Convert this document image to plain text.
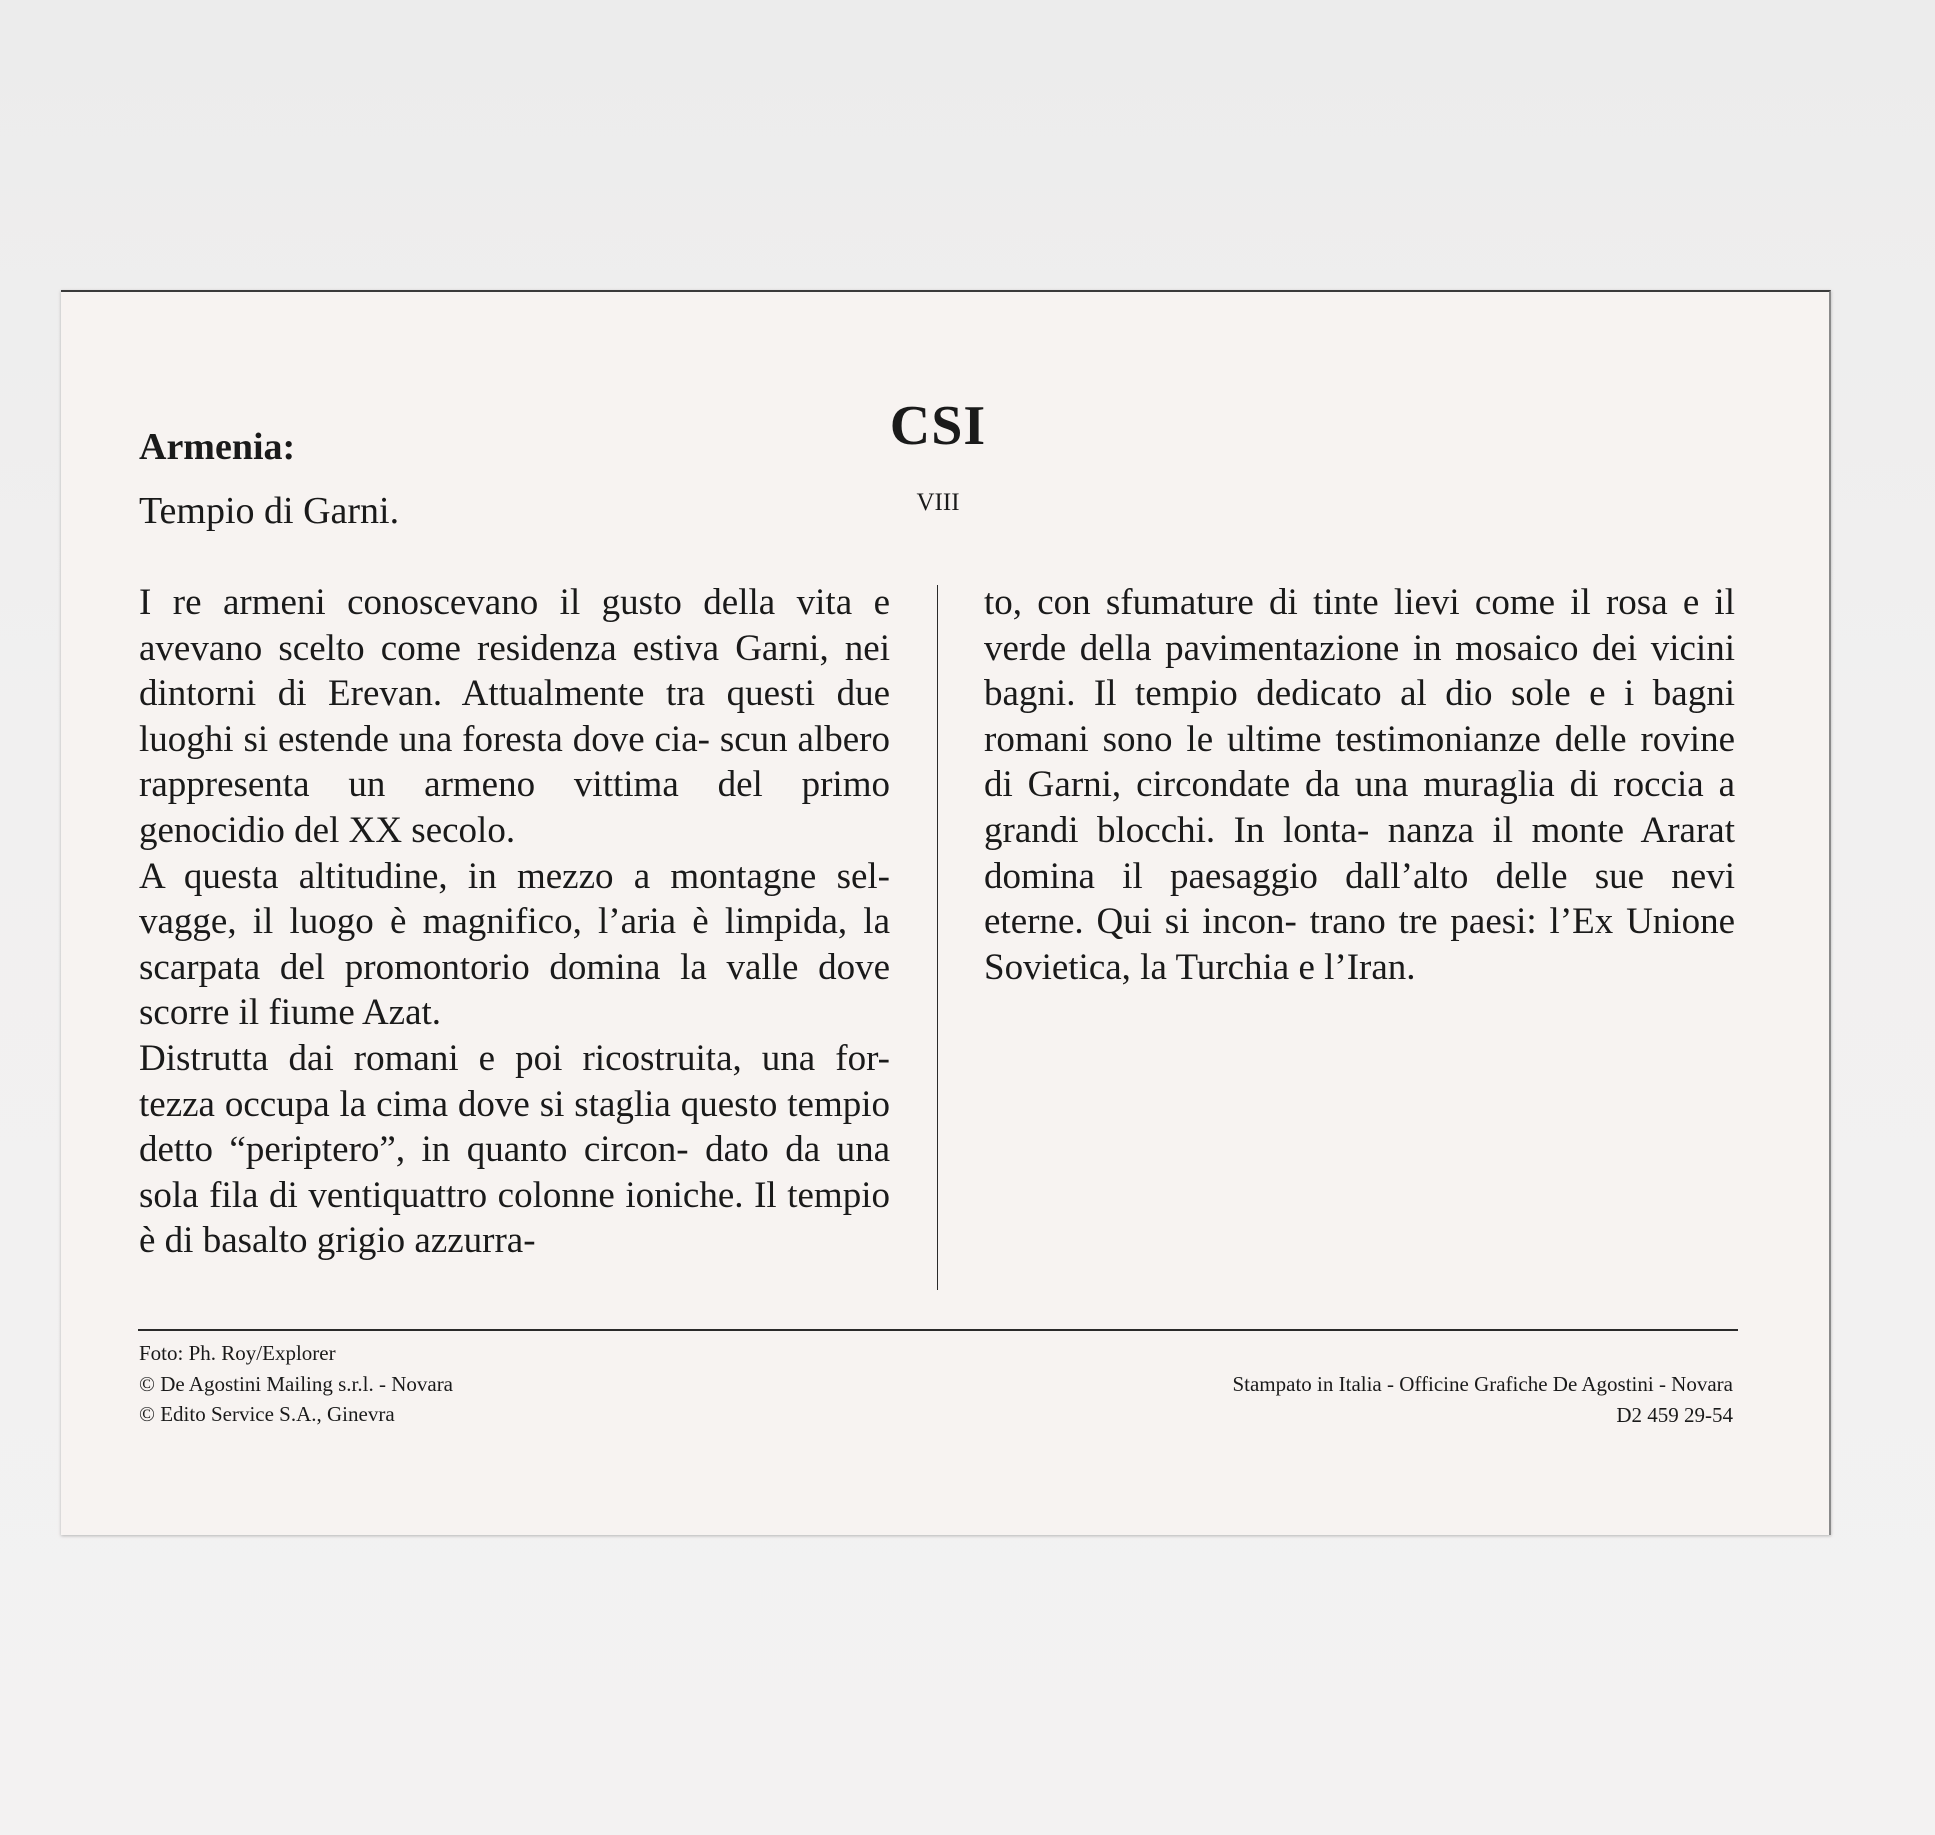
Armenia:
Tempio di Garni.
CSI
VIII

I re armeni conoscevano il gusto della vita e avevano scelto come residenza estiva Garni, nei dintorni di Erevan. Attualmente tra questi due luoghi si estende una foresta dove cia- scun albero rappresenta un armeno vittima del primo genocidio del XX secolo.

A questa altitudine, in mezzo a montagne sel- vagge, il luogo è magnifico, l’aria è limpida, la scarpata del promontorio domina la valle dove scorre il fiume Azat.

Distrutta dai romani e poi ricostruita, una for- tezza occupa la cima dove si staglia questo tempio detto “periptero”, in quanto circon- dato da una sola fila di ventiquattro colonne ioniche. Il tempio è di basalto grigio azzurra-

to, con sfumature di tinte lievi come il rosa e il verde della pavimentazione in mosaico dei vicini bagni. Il tempio dedicato al dio sole e i bagni romani sono le ultime testimonianze delle rovine di Garni, circondate da una muraglia di roccia a grandi blocchi. In lonta- nanza il monte Ararat domina il paesaggio dall’alto delle sue nevi eterne. Qui si incon- trano tre paesi: l’Ex Unione Sovietica, la Turchia e l’Iran.

Foto: Ph. Roy/Explorer
© De Agostini Mailing s.r.l. - Novara
© Edito Service S.A., Ginevra
Stampato in Italia - Officine Grafiche De Agostini - Novara
D2 459 29-54
